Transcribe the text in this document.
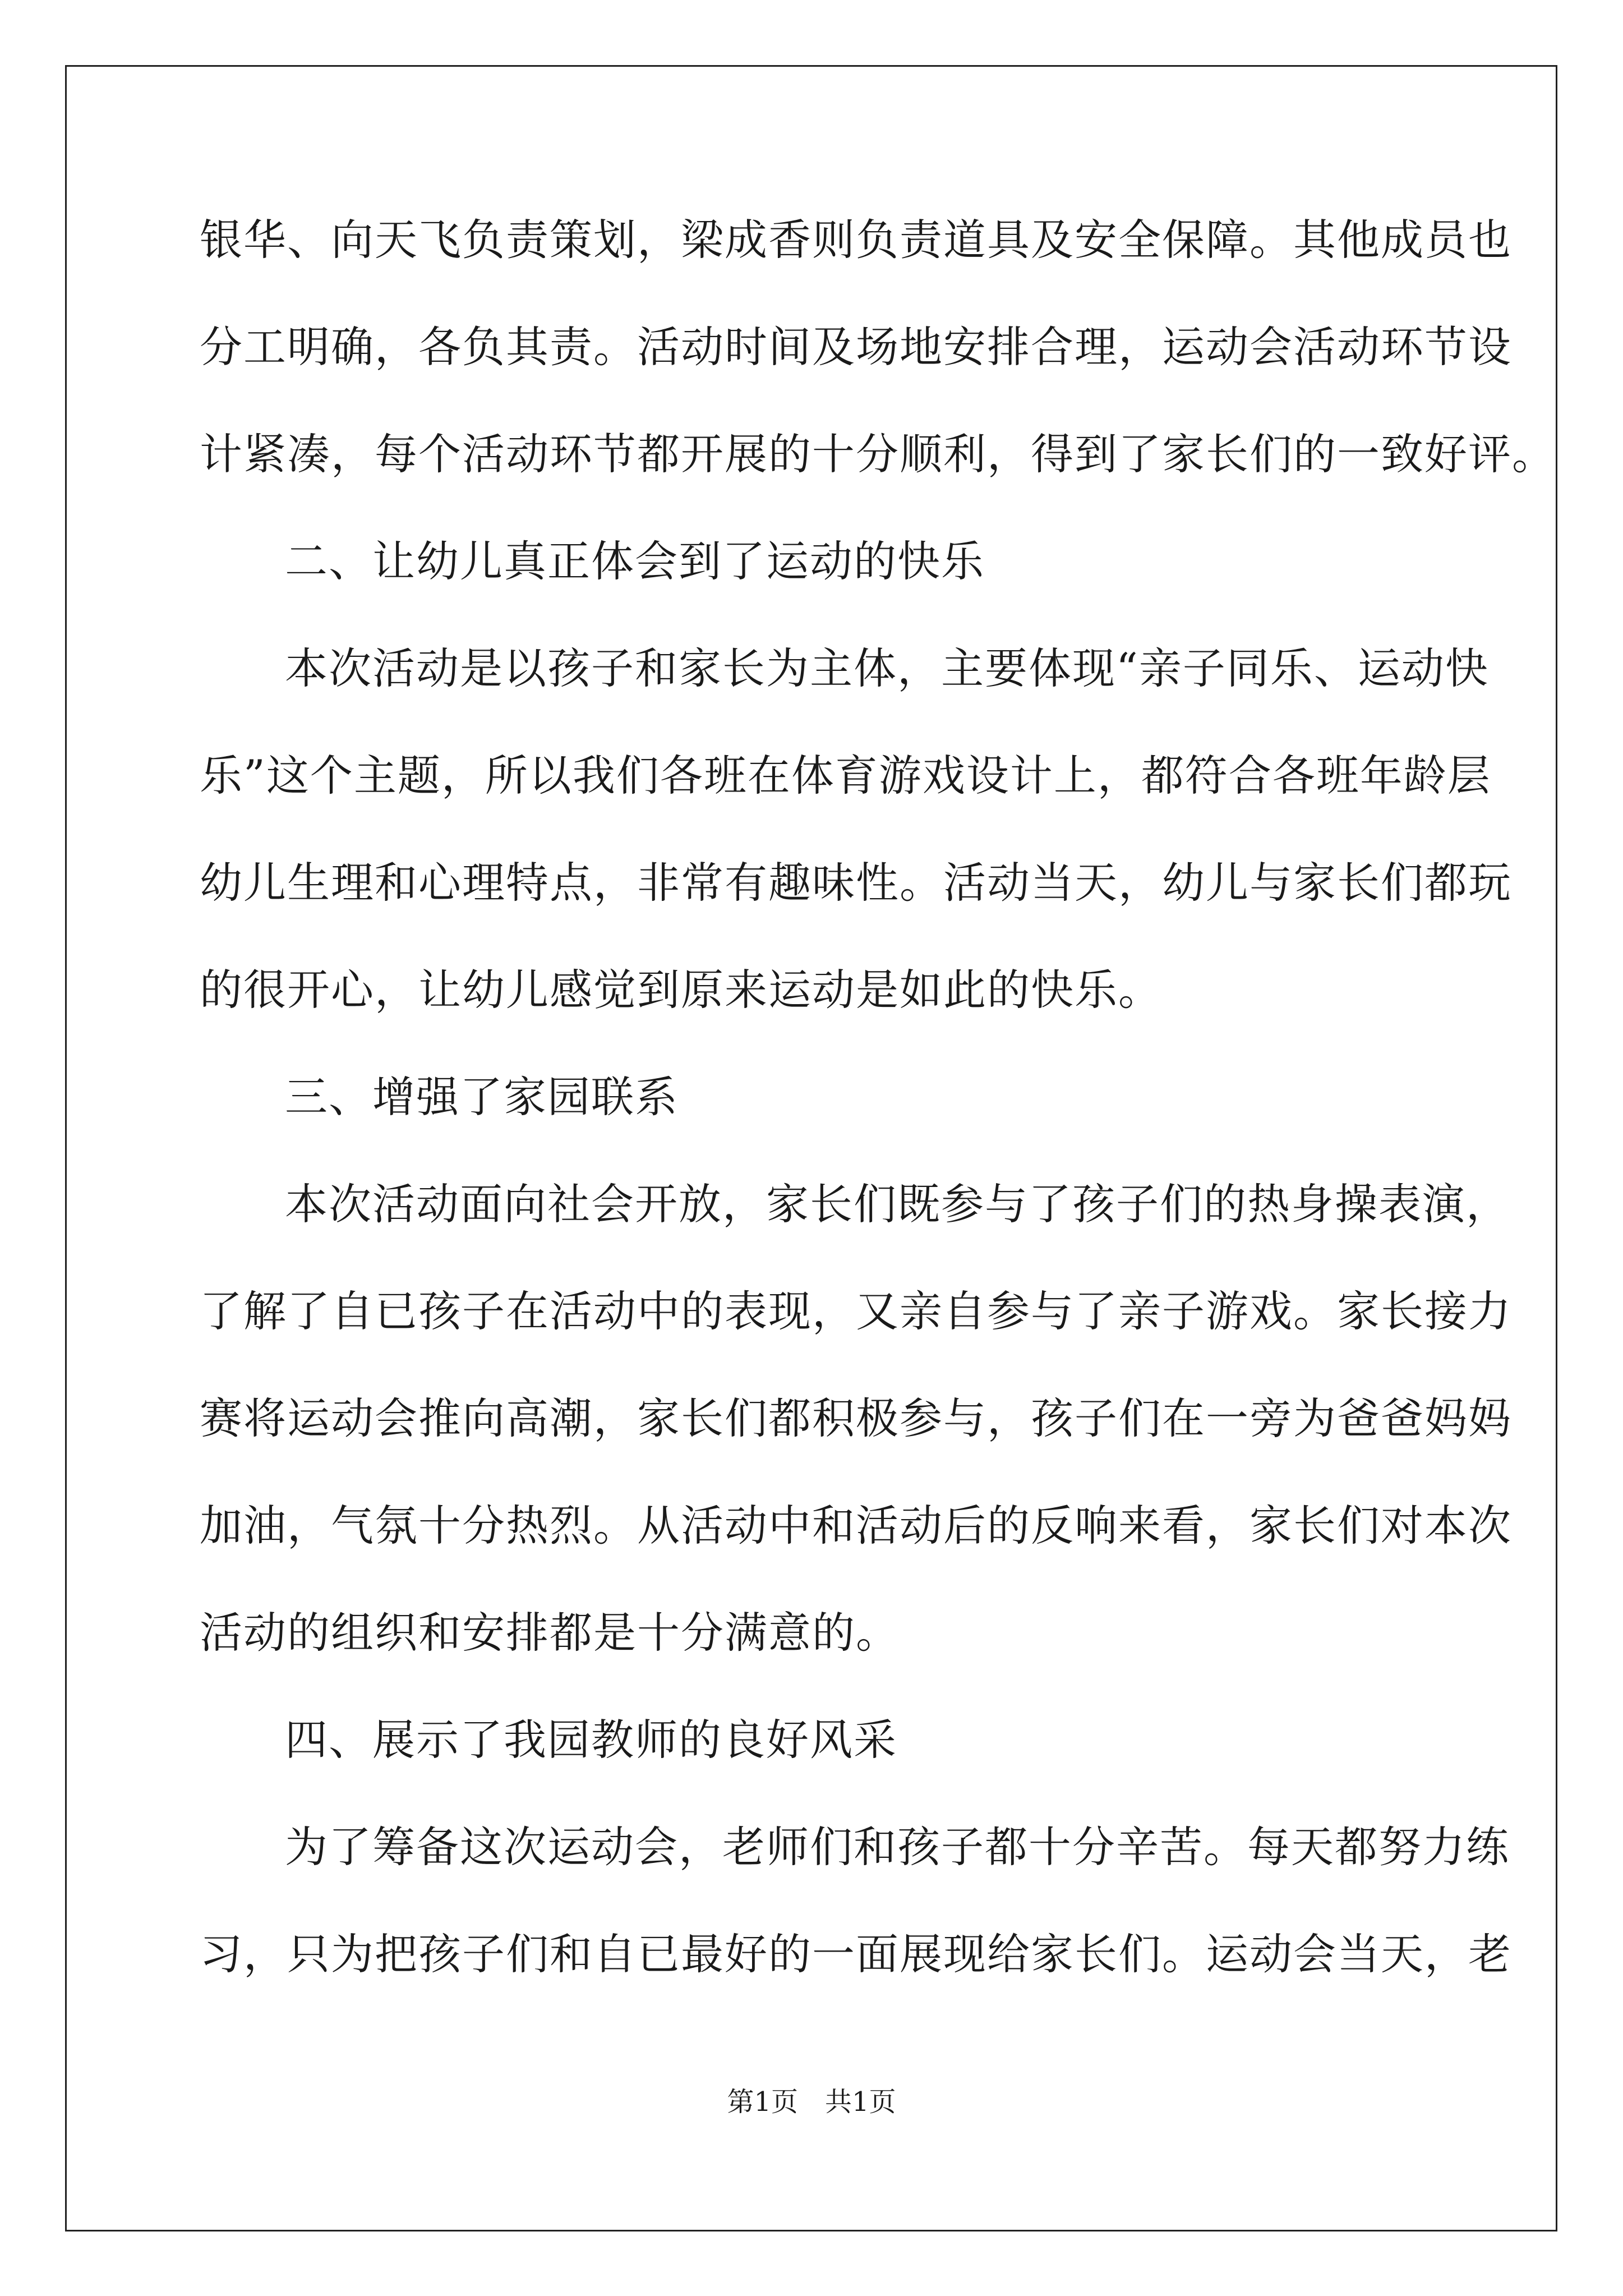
银华、向天飞负责策划，梁成香则负责道具及安全保障。其他成员也
分工明确，各负其责。活动时间及场地安排合理，运动会活动环节设
计紧凑，每个活动环节都开展的十分顺利，得到了家长们的一致好评。
二、让幼儿真正体会到了运动的快乐
本次活动是以孩子和家长为主体，主要体现“亲子同乐、运动快
乐”这个主题，所以我们各班在体育游戏设计上，都符合各班年龄层
幼儿生理和心理特点，非常有趣味性。活动当天，幼儿与家长们都玩
的很开心，让幼儿感觉到原来运动是如此的快乐。
三、增强了家园联系
本次活动面向社会开放，家长们既参与了孩子们的热身操表演，
了解了自已孩子在活动中的表现，又亲自参与了亲子游戏。家长接力
赛将运动会推向高潮，家长们都积极参与，孩子们在一旁为爸爸妈妈
加油，气氛十分热烈。从活动中和活动后的反响来看，家长们对本次
活动的组织和安排都是十分满意的。
四、展示了我园教师的良好风采
为了筹备这次运动会，老师们和孩子都十分辛苦。每天都努力练
习，只为把孩子们和自已最好的一面展现给家长们。运动会当天，老
第1页　共1页
